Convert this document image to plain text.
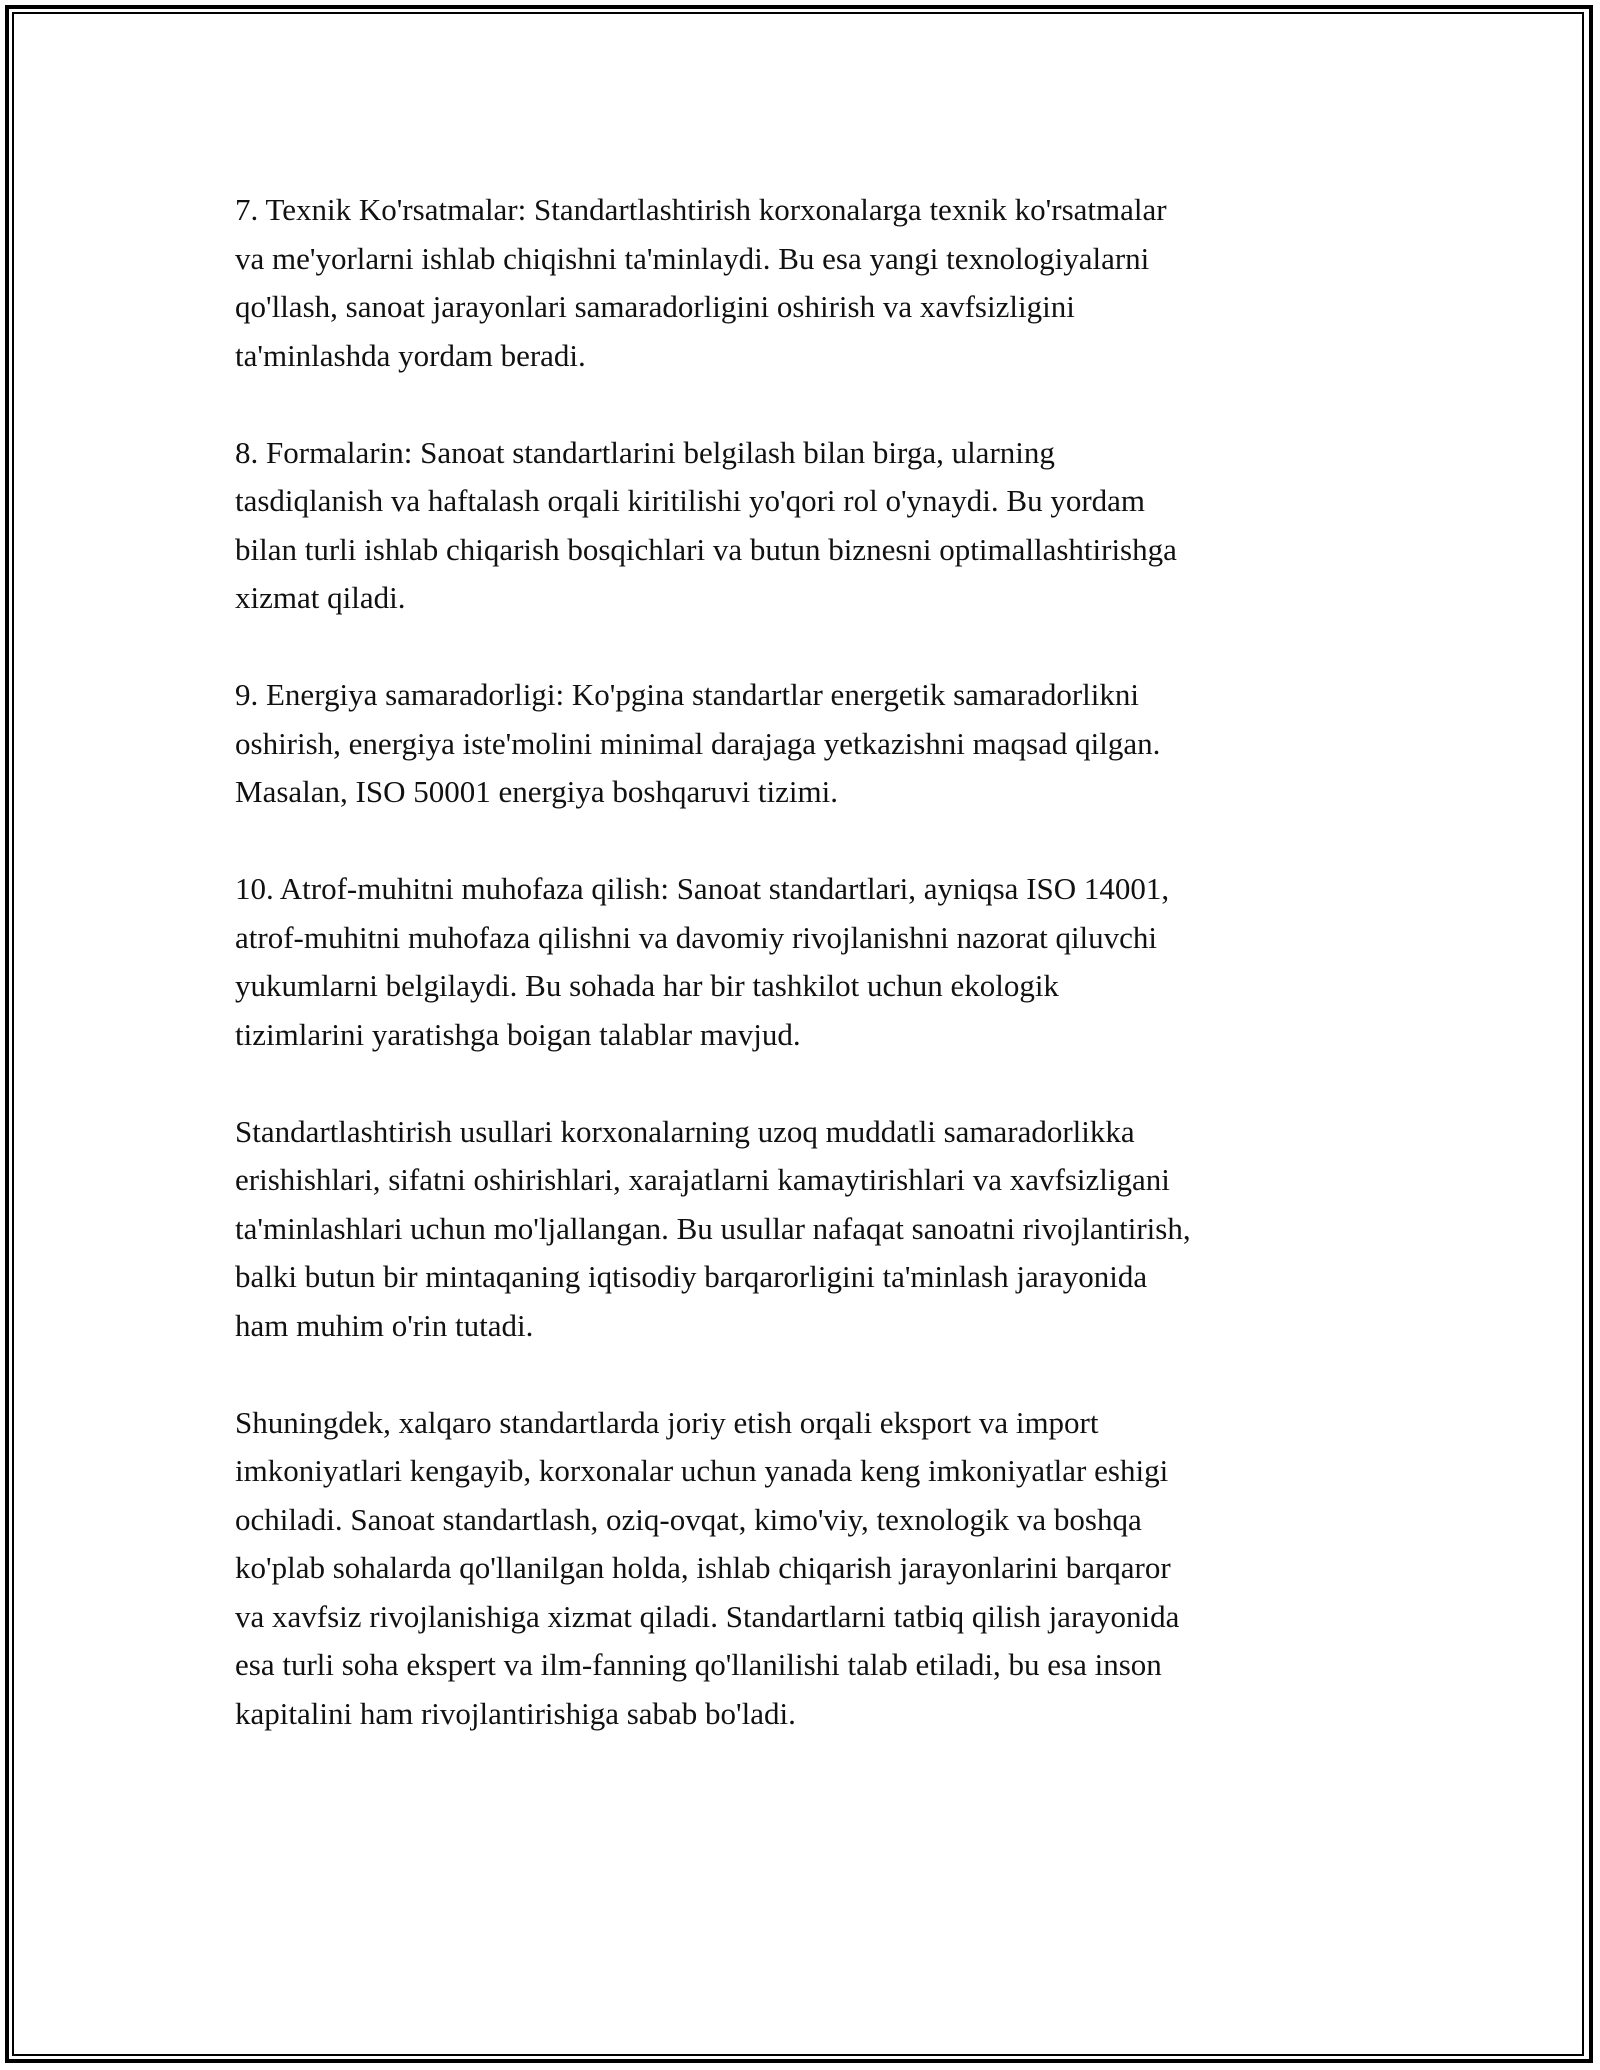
7. Texnik Ko'rsatmalar: Standartlashtirish korxonalarga texnik ko'rsatmalar
va me'yorlarni ishlab chiqishni ta'minlaydi. Bu esa yangi texnologiyalarni
qo'llash, sanoat jarayonlari samaradorligini oshirish va xavfsizligini
ta'minlashda yordam beradi.

8. Formalarin: Sanoat standartlarini belgilash bilan birga, ularning
tasdiqlanish va haftalash orqali kiritilishi yo'qori rol o'ynaydi. Bu yordam
bilan turli ishlab chiqarish bosqichlari va butun biznesni optimallashtirishga
xizmat qiladi.

9. Energiya samaradorligi: Ko'pgina standartlar energetik samaradorlikni
oshirish, energiya iste'molini minimal darajaga yetkazishni maqsad qilgan.
Masalan, ISO 50001 energiya boshqaruvi tizimi.

10. Atrof-muhitni muhofaza qilish: Sanoat standartlari, ayniqsa ISO 14001,
atrof-muhitni muhofaza qilishni va davomiy rivojlanishni nazorat qiluvchi
yukumlarni belgilaydi. Bu sohada har bir tashkilot uchun ekologik
tizimlarini yaratishga boigan talablar mavjud.

Standartlashtirish usullari korxonalarning uzoq muddatli samaradorlikka
erishishlari, sifatni oshirishlari, xarajatlarni kamaytirishlari va xavfsizligani
ta'minlashlari uchun mo'ljallangan. Bu usullar nafaqat sanoatni rivojlantirish,
balki butun bir mintaqaning iqtisodiy barqarorligini ta'minlash jarayonida
ham muhim o'rin tutadi.

Shuningdek, xalqaro standartlarda joriy etish orqali eksport va import
imkoniyatlari kengayib, korxonalar uchun yanada keng imkoniyatlar eshigi
ochiladi. Sanoat standartlash, oziq-ovqat, kimo'viy, texnologik va boshqa
ko'plab sohalarda qo'llanilgan holda, ishlab chiqarish jarayonlarini barqaror
va xavfsiz rivojlanishiga xizmat qiladi. Standartlarni tatbiq qilish jarayonida
esa turli soha ekspert va ilm-fanning qo'llanilishi talab etiladi, bu esa inson
kapitalini ham rivojlantirishiga sabab bo'ladi.
